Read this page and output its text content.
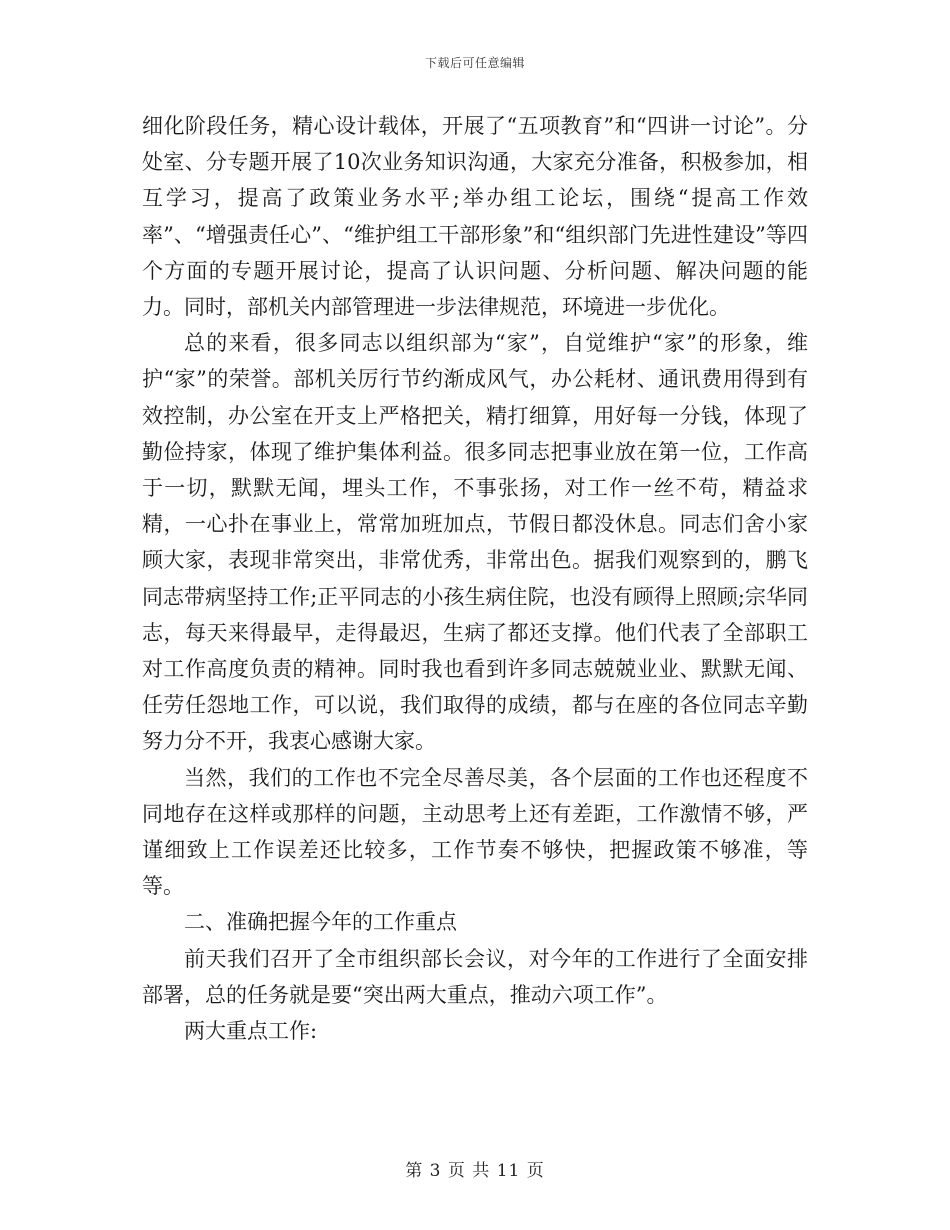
下载后可任意编辑

细化阶段任务，精心设计载体，开展了“五项教育”和“四讲一讨论”。分处室、分专题开展了10次业务知识沟通，大家充分准备，积极参加，相互学习，提高了政策业务水平;举办组工论坛，围绕“提高工作效率”、“增强责任心”、“维护组工干部形象”和“组织部门先进性建设”等四个方面的专题开展讨论，提高了认识问题、分析问题、解决问题的能力。同时，部机关内部管理进一步法律规范，环境进一步优化。

总的来看，很多同志以组织部为“家”，自觉维护“家”的形象，维护“家”的荣誉。部机关厉行节约渐成风气，办公耗材、通讯费用得到有效控制，办公室在开支上严格把关，精打细算，用好每一分钱，体现了勤俭持家，体现了维护集体利益。很多同志把事业放在第一位，工作高于一切，默默无闻，埋头工作，不事张扬，对工作一丝不苟，精益求精，一心扑在事业上，常常加班加点，节假日都没休息。同志们舍小家顾大家，表现非常突出，非常优秀，非常出色。据我们观察到的，鹏飞同志带病坚持工作;正平同志的小孩生病住院，也没有顾得上照顾;宗华同志，每天来得最早，走得最迟，生病了都还支撑。他们代表了全部职工对工作高度负责的精神。同时我也看到许多同志兢兢业业、默默无闻、任劳任怨地工作，可以说，我们取得的成绩，都与在座的各位同志辛勤努力分不开，我衷心感谢大家。

当然，我们的工作也不完全尽善尽美，各个层面的工作也还程度不同地存在这样或那样的问题，主动思考上还有差距，工作激情不够，严谨细致上工作误差还比较多，工作节奏不够快，把握政策不够准，等等。

二、准确把握今年的工作重点

前天我们召开了全市组织部长会议，对今年的工作进行了全面安排部署，总的任务就是要“突出两大重点，推动六项工作”。

两大重点工作:

第 3 页 共 11 页
